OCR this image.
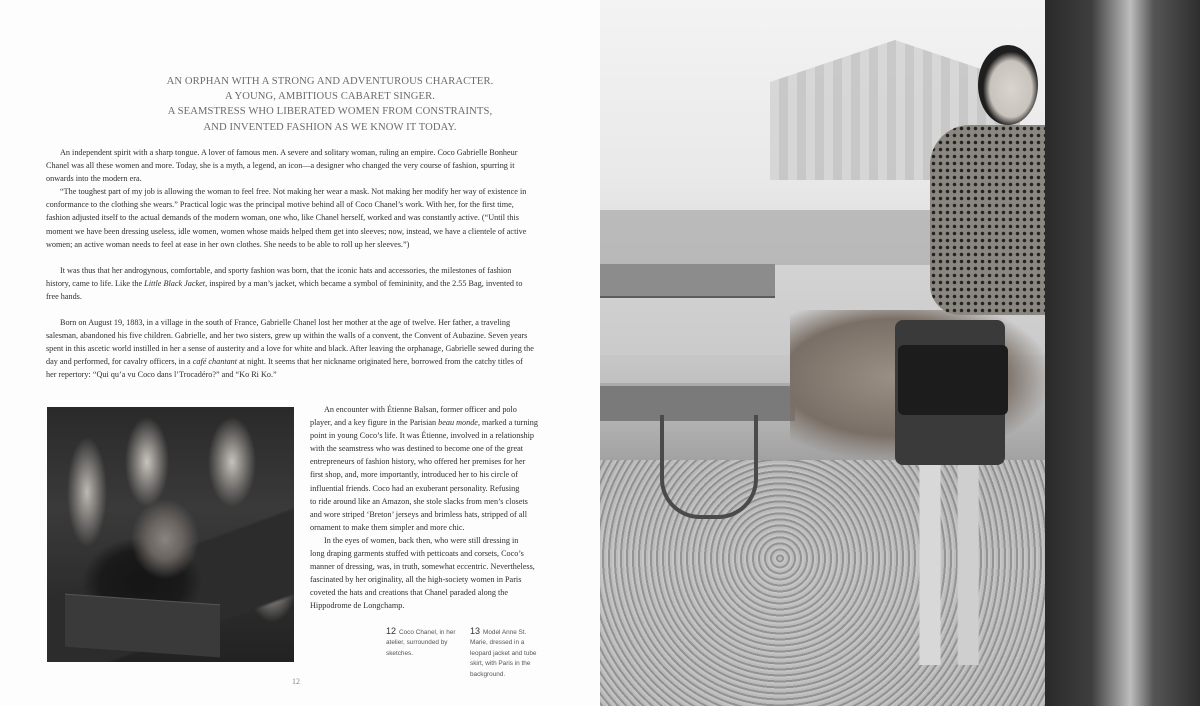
AN ORPHAN WITH A STRONG AND ADVENTUROUS CHARACTER.
A YOUNG, AMBITIOUS CABARET SINGER.
A SEAMSTRESS WHO LIBERATED WOMEN FROM CONSTRAINTS,
AND INVENTED FASHION AS WE KNOW IT TODAY.
An independent spirit with a sharp tongue. A lover of famous men. A severe and solitary woman, ruling an empire. Coco Gabrielle Bonheur
Chanel was all these women and more. Today, she is a myth, a legend, an icon—a designer who changed the very course of fashion, spurring it
onwards into the modern era.
“The toughest part of my job is allowing the woman to feel free. Not making her wear a mask. Not making her modify her way of existence in
conformance to the clothing she wears.” Practical logic was the principal motive behind all of Coco Chanel’s work. With her, for the first time,
fashion adjusted itself to the actual demands of the modern woman, one who, like Chanel herself, worked and was constantly active. (“Until this
moment we have been dressing useless, idle women, women whose maids helped them get into sleeves; now, instead, we have a clientele of active
women; an active woman needs to feel at ease in her own clothes. She needs to be able to roll up her sleeves.”)
It was thus that her androgynous, comfortable, and sporty fashion was born, that the iconic hats and accessories, the milestones of fashion
history, came to life. Like the Little Black Jacket, inspired by a man’s jacket, which became a symbol of femininity, and the 2.55 Bag, invented to
free hands.
Born on August 19, 1883, in a village in the south of France, Gabrielle Chanel lost her mother at the age of twelve. Her father, a traveling
salesman, abandoned his five children. Gabrielle, and her two sisters, grew up within the walls of a convent, the Convent of Aubazine. Seven years
spent in this ascetic world instilled in her a sense of austerity and a love for white and black. After leaving the orphanage, Gabrielle sewed during the
day and performed, for cavalry officers, in a café chantant at night. It seems that her nickname originated here, borrowed from the catchy titles of
her repertory: “Qui qu’a vu Coco dans l’Trocadéro?” and “Ko Ri Ko.”
An encounter with Étienne Balsan, former officer and polo
player, and a key figure in the Parisian beau monde, marked a turning
point in young Coco’s life. It was Étienne, involved in a relationship
with the seamstress who was destined to become one of the great
entrepreneurs of fashion history, who offered her premises for her
first shop, and, more importantly, introduced her to his circle of
influential friends. Coco had an exuberant personality. Refusing
to ride around like an Amazon, she stole slacks from men’s closets
and wore striped ‘Breton’ jerseys and brimless hats, stripped of all
ornament to make them simpler and more chic.
In the eyes of women, back then, who were still dressing in
long draping garments stuffed with petticoats and corsets, Coco’s
manner of dressing, was, in truth, somewhat eccentric. Nevertheless,
fascinated by her originality, all the high-society women in Paris
coveted the hats and creations that Chanel paraded along the
Hippodrome de Longchamp.
12 Coco Chanel, in her atelier, surrounded by sketches.
13 Model Anne St. Marie, dressed in a leopard jacket and tube skirt, with Paris in the background.
12
